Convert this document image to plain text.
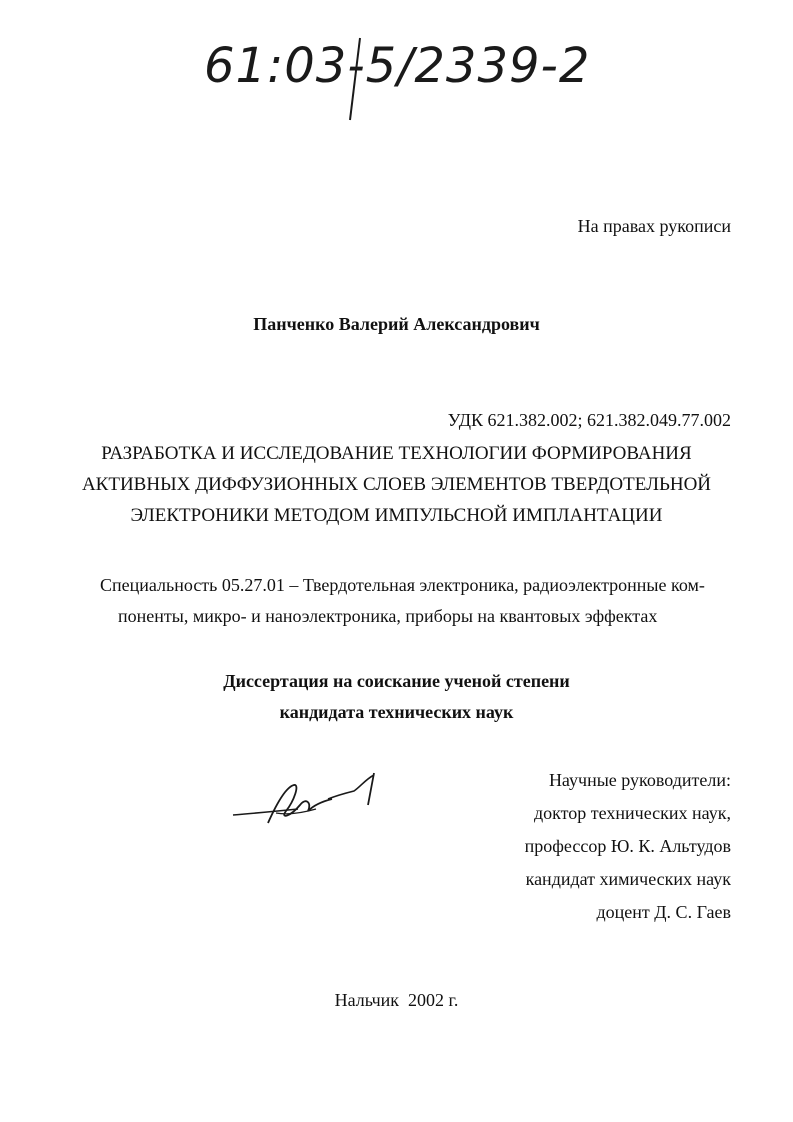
61:03-5/2339-2
На правах рукописи
Панченко Валерий Александрович
УДК 621.382.002; 621.382.049.77.002
РАЗРАБОТКА И ИССЛЕДОВАНИЕ ТЕХНОЛОГИИ ФОРМИРОВАНИЯ
АКТИВНЫХ ДИФФУЗИОННЫХ СЛОЕВ ЭЛЕМЕНТОВ ТВЕРДОТЕЛЬНОЙ
ЭЛЕКТРОНИКИ МЕТОДОМ ИМПУЛЬСНОЙ ИМПЛАНТАЦИИ
Специальность 05.27.01 – Твердотельная электроника, радиоэлектронные ком-
поненты, микро- и наноэлектроника, приборы на квантовых эффектах
Диссертация на соискание ученой степени
кандидата технических наук
Научные руководители:
доктор технических наук,
профессор Ю. К. Альтудов
кандидат химических наук
доцент Д. С. Гаев
Нальчик  2002 г.
